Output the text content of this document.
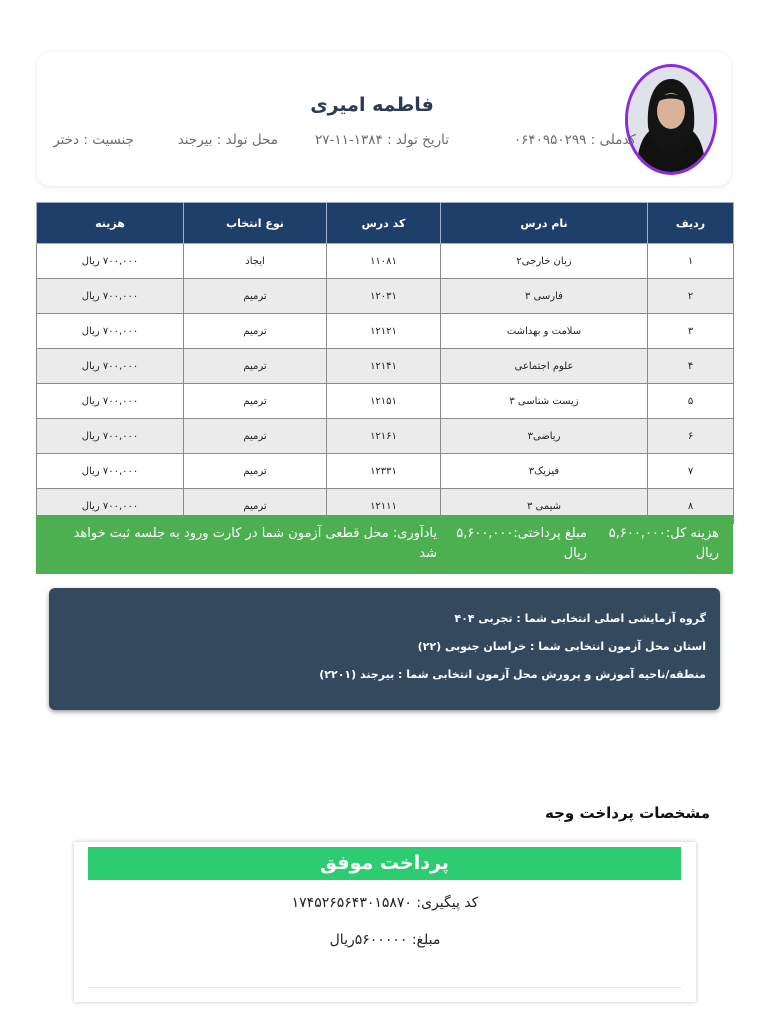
فاطمه امیری
کدملی : ۰۶۴۰۹۵۰۲۹۹
تاریخ تولد : ۱۳۸۴-۱۱-۲۷
محل تولد : بیرجند
جنسیت : دختر
ردیف	نام درس	کد درس	نوع انتخاب	هزینه
۱	زبان خارجی۲	۱۱۰۸۱	ایجاد	۷۰۰,۰۰۰ ریال
۲	فارسی ۳	۱۲۰۳۱	ترمیم	۷۰۰,۰۰۰ ریال
۳	سلامت و بهداشت	۱۲۱۲۱	ترمیم	۷۰۰,۰۰۰ ریال
۴	علوم اجتماعی	۱۲۱۴۱	ترمیم	۷۰۰,۰۰۰ ریال
۵	زیست شناسی ۳	۱۲۱۵۱	ترمیم	۷۰۰,۰۰۰ ریال
۶	ریاضی۳	۱۲۱۶۱	ترمیم	۷۰۰,۰۰۰ ریال
۷	فیزیک۳	۱۲۳۳۱	ترمیم	۷۰۰,۰۰۰ ریال
۸	شیمی ۳	۱۲۱۱۱	ترمیم	۷۰۰,۰۰۰ ریال
هزینه کل:۵,۶۰۰,۰۰۰ ریال
مبلغ پرداختی:۵,۶۰۰,۰۰۰ ریال
یادآوری: محل قطعی آزمون شما در کارت ورود به جلسه ثبت خواهد شد
گروه آزمایشی اصلی انتخابی شما : تجربی ۴۰۴
استان محل آزمون انتخابی شما : خراسان جنوبی (۲۲)
منطقه/ناحیه آموزش و پرورش محل آزمون انتخابی شما : بیرجند (۲۲۰۱)
مشخصات پرداخت وجه
پرداخت موفق
کد پیگیری: ۱۷۴۵۲۶۵۶۴۳۰۱۵۸۷۰
مبلغ: ۵۶۰۰۰۰۰ریال
